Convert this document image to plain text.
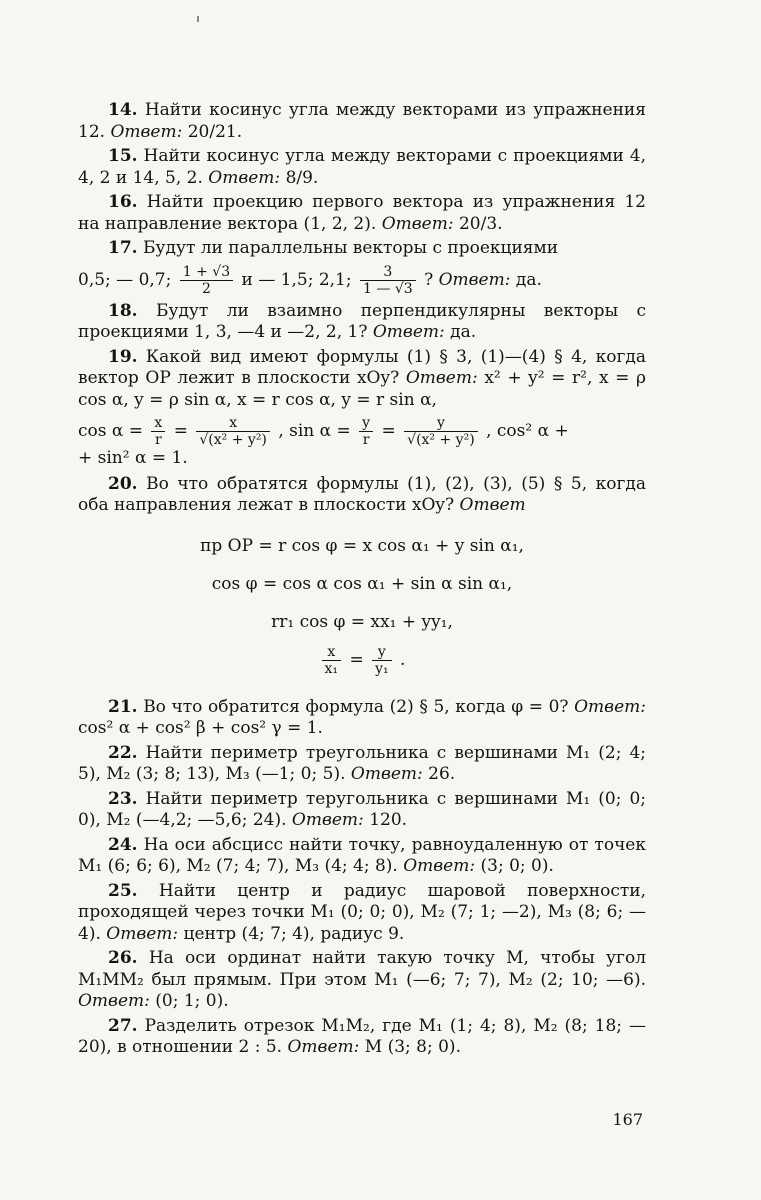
14. Найти косинус угла между векторами из упражнения 12. Ответ: 20/21.

15. Найти косинус угла между векторами с проекциями 4, 4, 2 и 14, 5, 2. Ответ: 8/9.

16. Найти проекцию первого вектора из упражнения 12 на направление вектора (1, 2, 2). Ответ: 20/3.

17. Будут ли параллельны векторы с проекциями

0,5; — 0,7; $\frac{1 + √3}{2}$ и — 1,5; 2,1; $\frac{3}{1 — √3}$ ? Ответ: да.

18. Будут ли взаимно перпендикулярны векторы с проекциями 1, 3, —4 и —2, 2, 1? Ответ: да.

19. Какой вид имеют формулы (1) § 3, (1)—(4) § 4, когда вектор OP лежит в плоскости xOy? Ответ: x² + y² = r², x = ρ cos α, y = ρ sin α, x = r cos α, y = r sin α,

$\cos \alpha = \frac{x}{r} = \frac{x}{\text{√(x² + y²)}}$ , $\sin \alpha = \frac{y}{r} = \frac{y}{\text{√(x² + y²)}}$ , cos² α +
+ sin² α = 1.

20. Во что обратятся формулы (1), (2), (3), (5) § 5, когда оба направления лежат в плоскости xOy? Ответ

пр OP = r cos φ = x cos α₁ + y sin α₁,
cos φ = cos α cos α₁ + sin α sin α₁,
rr₁ cos φ = xx₁ + yy₁,
$\frac{x}{\text{x₁}} = \frac{y}{\text{y₁}}$ .

21. Во что обратится формула (2) § 5, когда φ = 0? Ответ: cos² α + cos² β + cos² γ = 1.

22. Найти периметр треугольника с вершинами M₁ (2; 4; 5), M₂ (3; 8; 13), M₃ (—1; 0; 5). Ответ: 26.

23. Найти периметр теругольника с вершинами M₁ (0; 0; 0), M₂ (—4,2; —5,6; 24). Ответ: 120.

24. На оси абсцисс найти точку, равноудаленную от точек M₁ (6; 6; 6), M₂ (7; 4; 7), M₃ (4; 4; 8). Ответ: (3; 0; 0).

25. Найти центр и радиус шаровой поверхности, проходящей через точки M₁ (0; 0; 0), M₂ (7; 1; —2), M₃ (8; 6; —4). Ответ: центр (4; 7; 4), радиус 9.

26. На оси ординат найти такую точку M, чтобы угол M₁MM₂ был прямым. При этом M₁ (—6; 7; 7), M₂ (2; 10; —6). Ответ: (0; 1; 0).

27. Разделить отрезок M₁M₂, где M₁ (1; 4; 8), M₂ (8; 18; —20), в отношении 2 : 5. Ответ: M (3; 8; 0).

167
